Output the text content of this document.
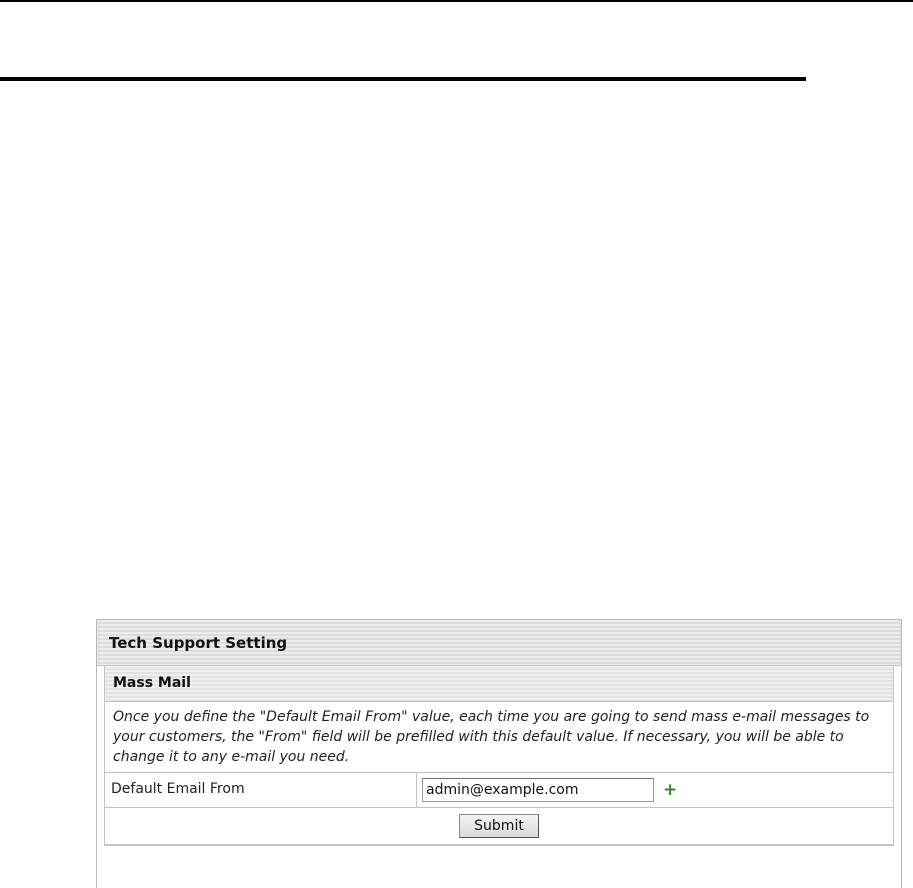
Tech Support Setting
Mass Mail
Once you define the "Default Email From" value, each time you are going to send mass e-mail messages to your customers, the "From" field will be prefilled with this default value. If necessary, you will be able to change it to any e-mail you need.
Default Email From
admin@example.com	+
Submit
